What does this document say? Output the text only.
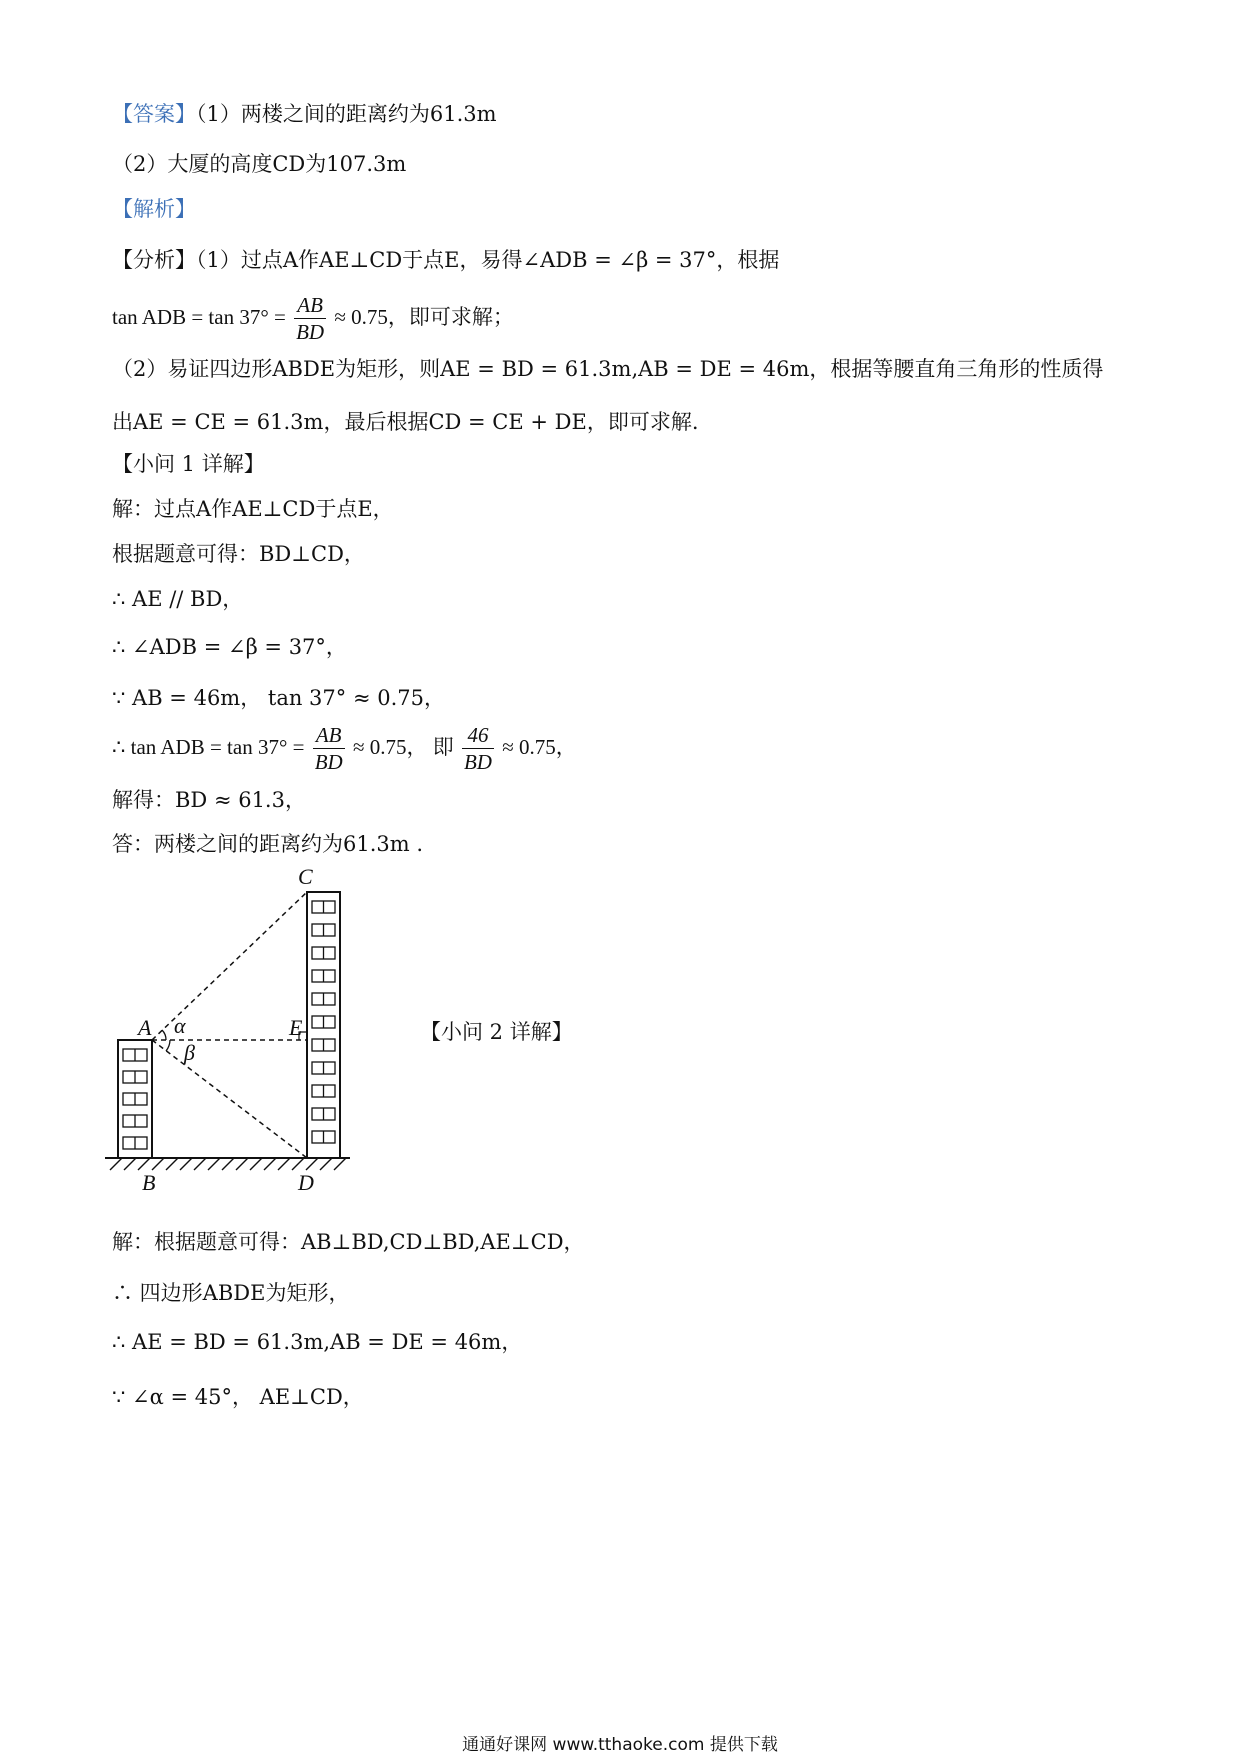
【答案】（1）两楼之间的距离约为61.3m
（2）大厦的高度CD为107.3m
【解析】
【分析】（1）过点A作AE⊥CD于点E，易得∠ADB = ∠β = 37°，根据
tan ADB = $\tan 37^\circ = \frac{AB}{BD} \approx 0.75$，即可求解；
（2）易证四边形ABDE为矩形，则AE = BD = 61.3m,AB = DE = 46m，根据等腰直角三角形的性质得
出AE = CE = 61.3m，最后根据CD = CE + DE，即可求解.
【小问 1 详解】
解：过点A作AE⊥CD于点E，
根据题意可得：BD⊥CD，
∴ AE // BD，
∴ ∠ADB = ∠β = 37°，
∵ AB = 46m， tan 37° ≈ 0.75，
∴ tan ADB = $\tan 37^\circ = \frac{AB}{BD} \approx 0.75$， 即 $\frac{46}{BD} \approx 0.75$，
解得：BD ≈ 61.3，
答：两楼之间的距离约为61.3m .
C
A α
β
E
B	D
【小问 2 详解】
解：根据题意可得：AB⊥BD,CD⊥BD,AE⊥CD，
∴ 四边形ABDE为矩形，
∴ AE = BD = 61.3m,AB = DE = 46m，
∵ ∠α = 45°， AE⊥CD，
通通好课网 www.tthaoke.com 提供下载
